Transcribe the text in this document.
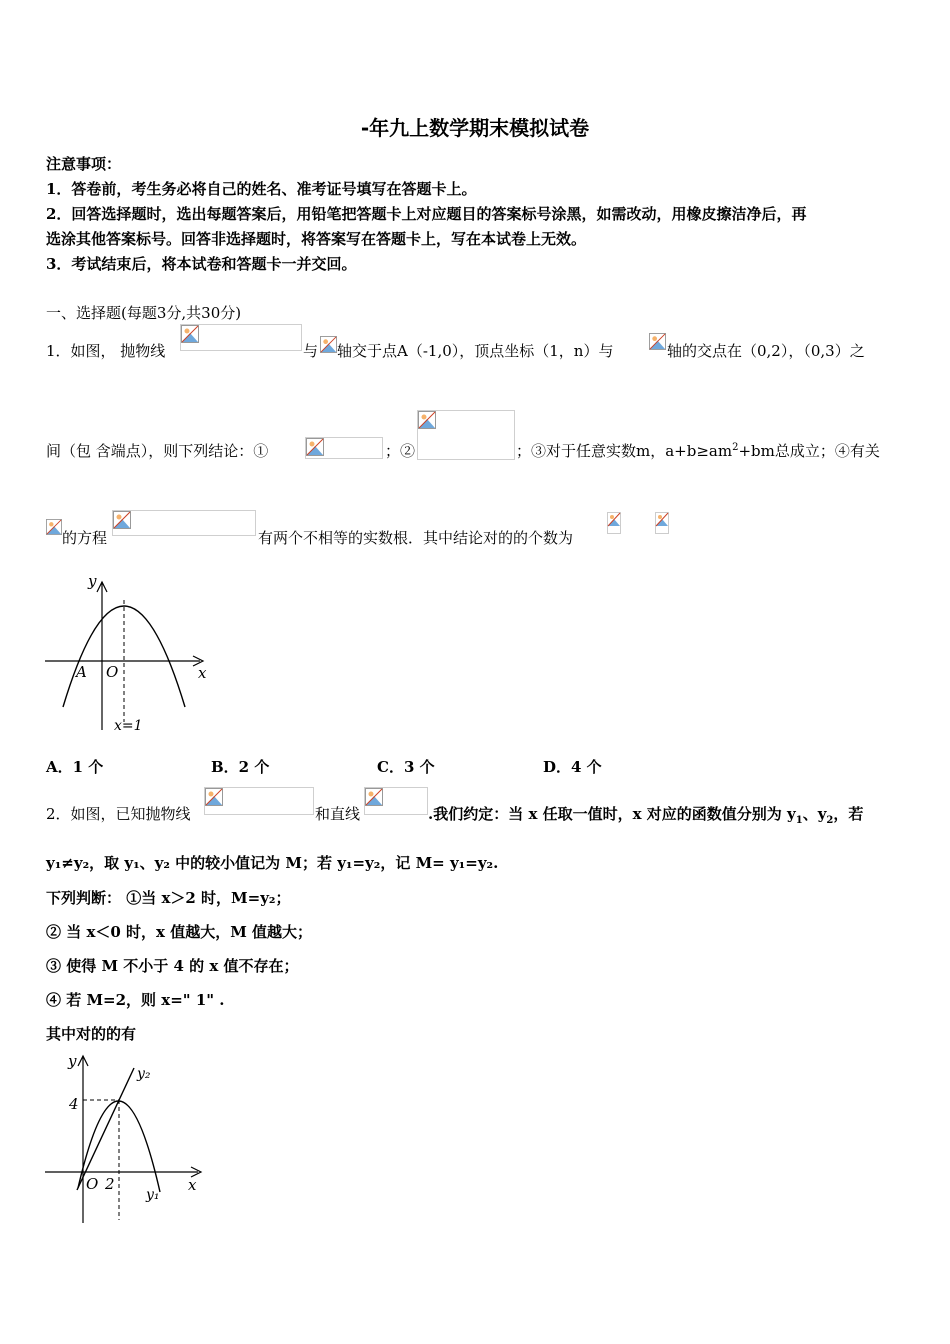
-年九上数学期末模拟试卷
注意事项：
1．答卷前，考生务必将自己的姓名、准考证号填写在答题卡上。
2．回答选择题时，选出每题答案后，用铅笔把答题卡上对应题目的答案标号涂黑，如需改动，用橡皮擦洁净后，再
选涂其他答案标号。回答非选择题时，将答案写在答题卡上，写在本试卷上无效。
3．考试结束后，将本试卷和答题卡一并交回。
一、选择题(每题3分,共30分)
1．如图， 抛物线	与 轴交于点A（-1,0），顶点坐标（1，n）与	轴的交点在（0,2），（0,3）之
间（包 含端点），则下列结论：①	；②	；③对于任意实数m，$a+b\ge am^2+bm$总成立；④有关
的方程	有两个不相等的实数根．其中结论对的的个数为
y
x
A O
x=1
A．1 个	B．2 个	C．3 个	D．4 个
2．如图，已知抛物线	和直线	.我们约定：当 x 任取一值时，x 对应的函数值分别为 $y_1$、$y_2$，若
y₁≠y₂，取 y₁、y₂ 中的较小值记为 M；若 y₁=y₂，记 M= y₁=y₂.
下列判断： ①当 x＞2 时，M=y₂；
② 当 x＜0 时，x 值越大，M 值越大；
③ 使得 M 不小于 4 的 x 值不存在；
④ 若 M=2，则 x=" 1" .
其中对的的有
y
x
O
4
2
y₂
y₁
